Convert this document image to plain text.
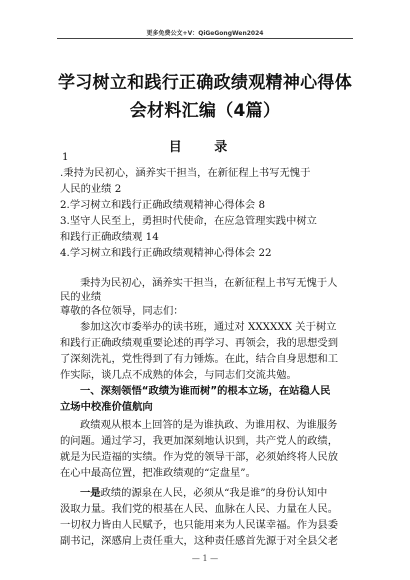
更多免费公文+V：QiGeGongWen2024
学习树立和践行正确政绩观精神心得体
会材料汇编（4篇）
目 录
1
.秉持为民初心，涵养实干担当，在新征程上书写无愧于
人民的业绩 2
2.学习树立和践行正确政绩观精神心得体会 8
3.坚守人民至上，勇担时代使命，在应急管理实践中树立
和践行正确政绩观 14
4.学习树立和践行正确政绩观精神心得体会 22
秉持为民初心，涵养实干担当，在新征程上书写无愧于人
民的业绩
尊敬的各位领导，同志们：
参加这次市委举办的读书班，通过对 XXXXXX 关于树立
和践行正确政绩观重要论述的再学习、再领会，我的思想受到
了深刻洗礼，党性得到了有力锤炼。在此，结合自身思想和工
作实际，谈几点不成熟的体会，与同志们交流共勉。
一、深刻领悟“政绩为谁而树”的根本立场，在站稳人民
立场中校准价值航向
政绩观从根本上回答的是为谁执政、为谁用权、为谁服务
的问题。通过学习，我更加深刻地认识到，共产党人的政绩，
就是为民造福的实绩。作为党的领导干部，必须始终将人民放
在心中最高位置，把准政绩观的“定盘星”。
一是政绩的源泉在人民，必须从“我是谁”的身份认知中
汲取力量。我们党的根基在人民、血脉在人民、力量在人民。
一切权力皆由人民赋予，也只能用来为人民谋幸福。作为县委
副书记，深感肩上责任重大，这种责任感首先源于对全县父老
— 1 —
